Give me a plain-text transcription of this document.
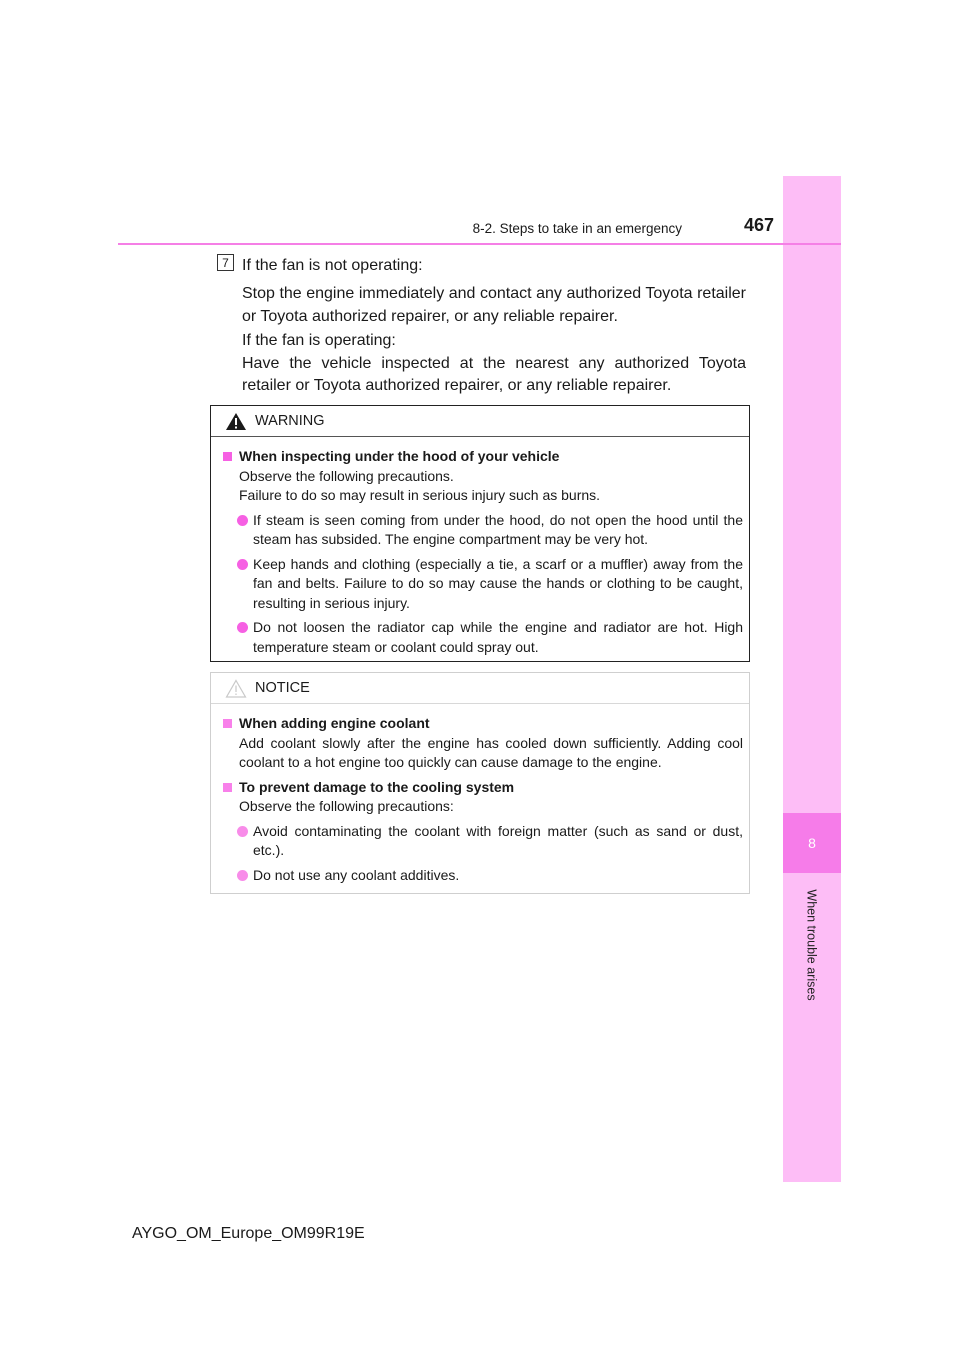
8
When trouble arises
8-2. Steps to take in an emergency	467
7 If the fan is not operating:

Stop the engine immediately and contact any authorized Toyota retailer or Toyota authorized repairer, or any reliable repairer.
If the fan is operating:
Have the vehicle inspected at the nearest any authorized Toyota retailer or Toyota authorized repairer, or any reliable repairer.
WARNING
When inspecting under the hood of your vehicle
Observe the following precautions.
Failure to do so may result in serious injury such as burns.
If steam is seen coming from under the hood, do not open the hood until the steam has subsided. The engine compartment may be very hot.
Keep hands and clothing (especially a tie, a scarf or a muffler) away from the fan and belts. Failure to do so may cause the hands or clothing to be caught, resulting in serious injury.
Do not loosen the radiator cap while the engine and radiator are hot. High temperature steam or coolant could spray out.
NOTICE
When adding engine coolant
Add coolant slowly after the engine has cooled down sufficiently. Adding cool coolant to a hot engine too quickly can cause damage to the engine.
To prevent damage to the cooling system
Observe the following precautions:
Avoid contaminating the coolant with foreign matter (such as sand or dust, etc.).
Do not use any coolant additives.
AYGO_OM_Europe_OM99R19E
